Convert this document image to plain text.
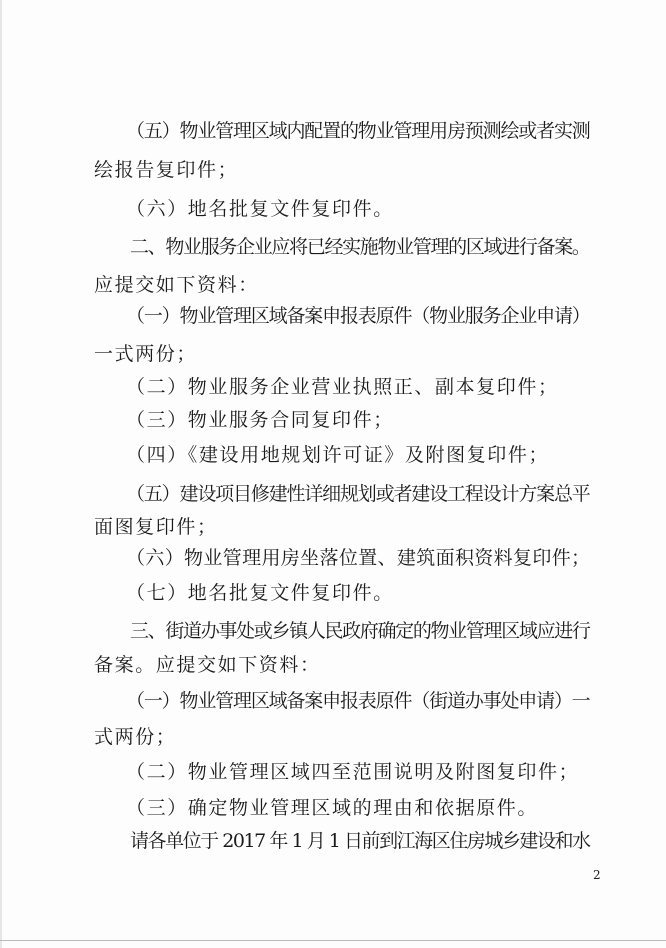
（五）物业管理区域内配置的物业管理用房预测绘或者实测
绘报告复印件；
（六）地名批复文件复印件。
二、物业服务企业应将已经实施物业管理的区域进行备案。
应提交如下资料：
（一）物业管理区域备案申报表原件（物业服务企业申请）
一式两份；
（二）物业服务企业营业执照正、副本复印件；
（三）物业服务合同复印件；
（四）《建设用地规划许可证》及附图复印件；
（五）建设项目修建性详细规划或者建设工程设计方案总平
面图复印件；
（六）物业管理用房坐落位置、建筑面积资料复印件；
（七）地名批复文件复印件。
三、街道办事处或乡镇人民政府确定的物业管理区域应进行
备案。应提交如下资料：
（一）物业管理区域备案申报表原件（街道办事处申请）一
式两份；
（二）物业管理区域四至范围说明及附图复印件；
（三）确定物业管理区域的理由和依据原件。
请各单位于 2017 年 1 月 1 日前到江海区住房城乡建设和水
2
